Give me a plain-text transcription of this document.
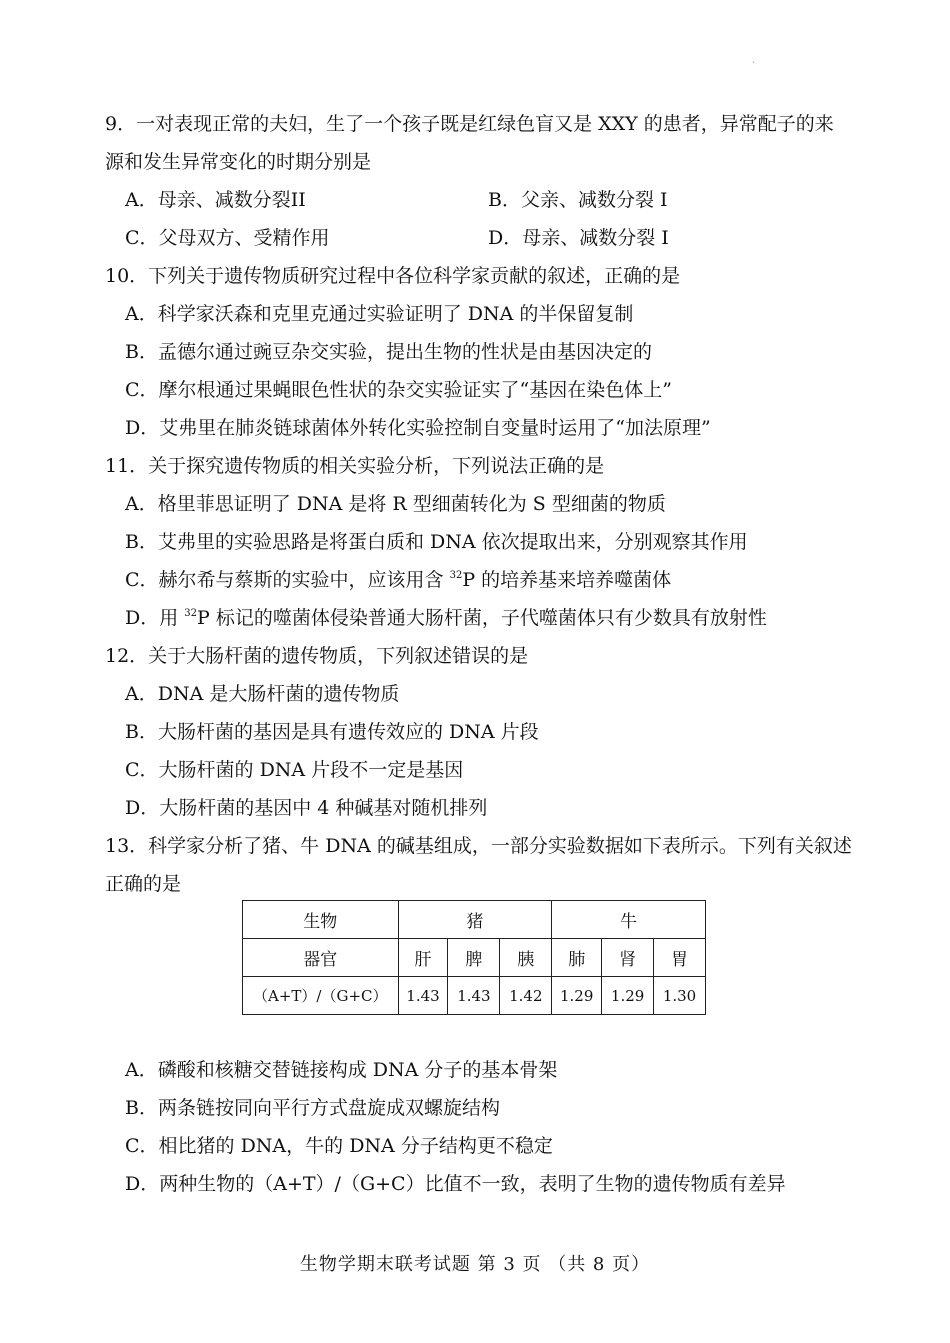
·
9．一对表现正常的夫妇，生了一个孩子既是红绿色盲又是 XXY 的患者，异常配子的来
源和发生异常变化的时期分别是
A．母亲、减数分裂II	B．父亲、减数分裂 I
C．父母双方、受精作用	D．母亲、减数分裂 I
10．下列关于遗传物质研究过程中各位科学家贡献的叙述，正确的是
A．科学家沃森和克里克通过实验证明了 DNA 的半保留复制
B．孟德尔通过豌豆杂交实验，提出生物的性状是由基因决定的
C．摩尔根通过果蝇眼色性状的杂交实验证实了“基因在染色体上”
D．艾弗里在肺炎链球菌体外转化实验控制自变量时运用了“加法原理”
11．关于探究遗传物质的相关实验分析，下列说法正确的是
A．格里菲思证明了 DNA 是将 R 型细菌转化为 S 型细菌的物质
B．艾弗里的实验思路是将蛋白质和 DNA 依次提取出来，分别观察其作用
C．赫尔希与蔡斯的实验中，应该用含 $^{32}$P 的培养基来培养噬菌体
D．用 $^{32}$P 标记的噬菌体侵染普通大肠杆菌，子代噬菌体只有少数具有放射性
12．关于大肠杆菌的遗传物质，下列叙述错误的是
A．DNA 是大肠杆菌的遗传物质
B．大肠杆菌的基因是具有遗传效应的 DNA 片段
C．大肠杆菌的 DNA 片段不一定是基因
D．大肠杆菌的基因中 4 种碱基对随机排列
13．科学家分析了猪、牛 DNA 的碱基组成，一部分实验数据如下表所示。下列有关叙述
正确的是
生物	猪			牛		
器官	肝	脾	胰	肺	肾	胃
（A+T）/（G+C）	1.43	1.43	1.42	1.29	1.29	1.30
A．磷酸和核糖交替链接构成 DNA 分子的基本骨架
B．两条链按同向平行方式盘旋成双螺旋结构
C．相比猪的 DNA，牛的 DNA 分子结构更不稳定
D．两种生物的（A+T）/（G+C）比值不一致，表明了生物的遗传物质有差异
生物学期末联考试题 第 3 页 （共 8 页）
